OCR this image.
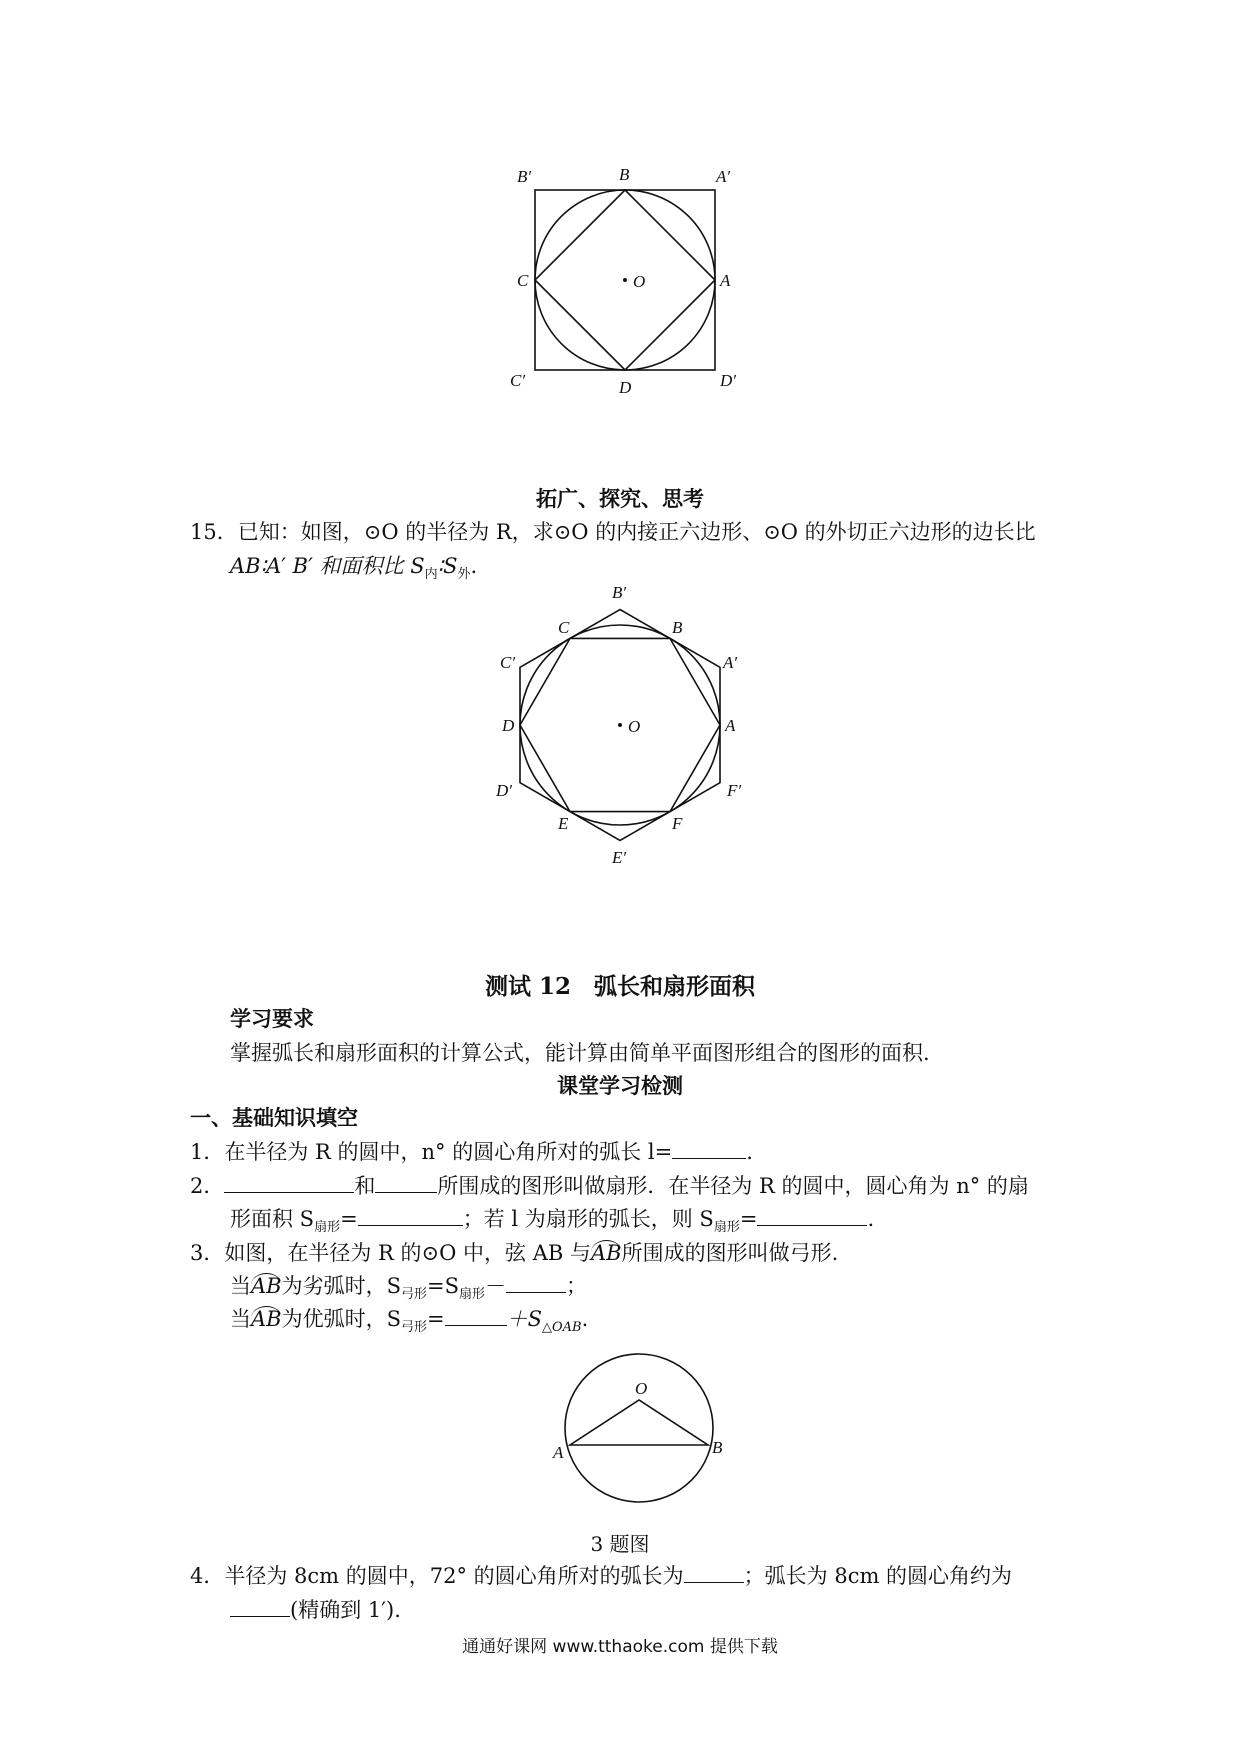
B′	B	A′
C	O	A
C′	D	D′
拓广、探究、思考
15．已知：如图，⊙O 的半径为 R，求⊙O 的内接正六边形、⊙O 的外切正六边形的边长比
AB∶A′ B′ 和面积比 $S_内∶S_外$.
B′
C	B
C′	A′
D	O	A
D′	F′
E	F
E′
测试 12　弧长和扇形面积
学习要求
掌握弧长和扇形面积的计算公式，能计算由简单平面图形组合的图形的面积.
课堂学习检测
一、基础知识填空
1．在半径为 R 的圆中，n° 的圆心角所对的弧长 l=	.
2．	和	所围成的图形叫做扇形．在半径为 R 的圆中，圆心角为 n° 的扇
形面积 $S_{扇形}=$	；若 l 为扇形的弧长，则 $S_{扇形}=$	.
3．如图，在半径为 R 的⊙O 中，弦 AB 与AB所围成的图形叫做弓形.
当AB为劣弧时，$S_{弓形}=S_{扇形}-$	；
当AB为优弧时，$S_{弓形}=$	$+S_{\triangle OAB}$.
O
A	B
3 题图
4．半径为 8cm 的圆中，72° 的圆心角所对的弧长为	；弧长为 8cm 的圆心角约为
(精确到 1′).
通通好课网 www.tthaoke.com 提供下载
